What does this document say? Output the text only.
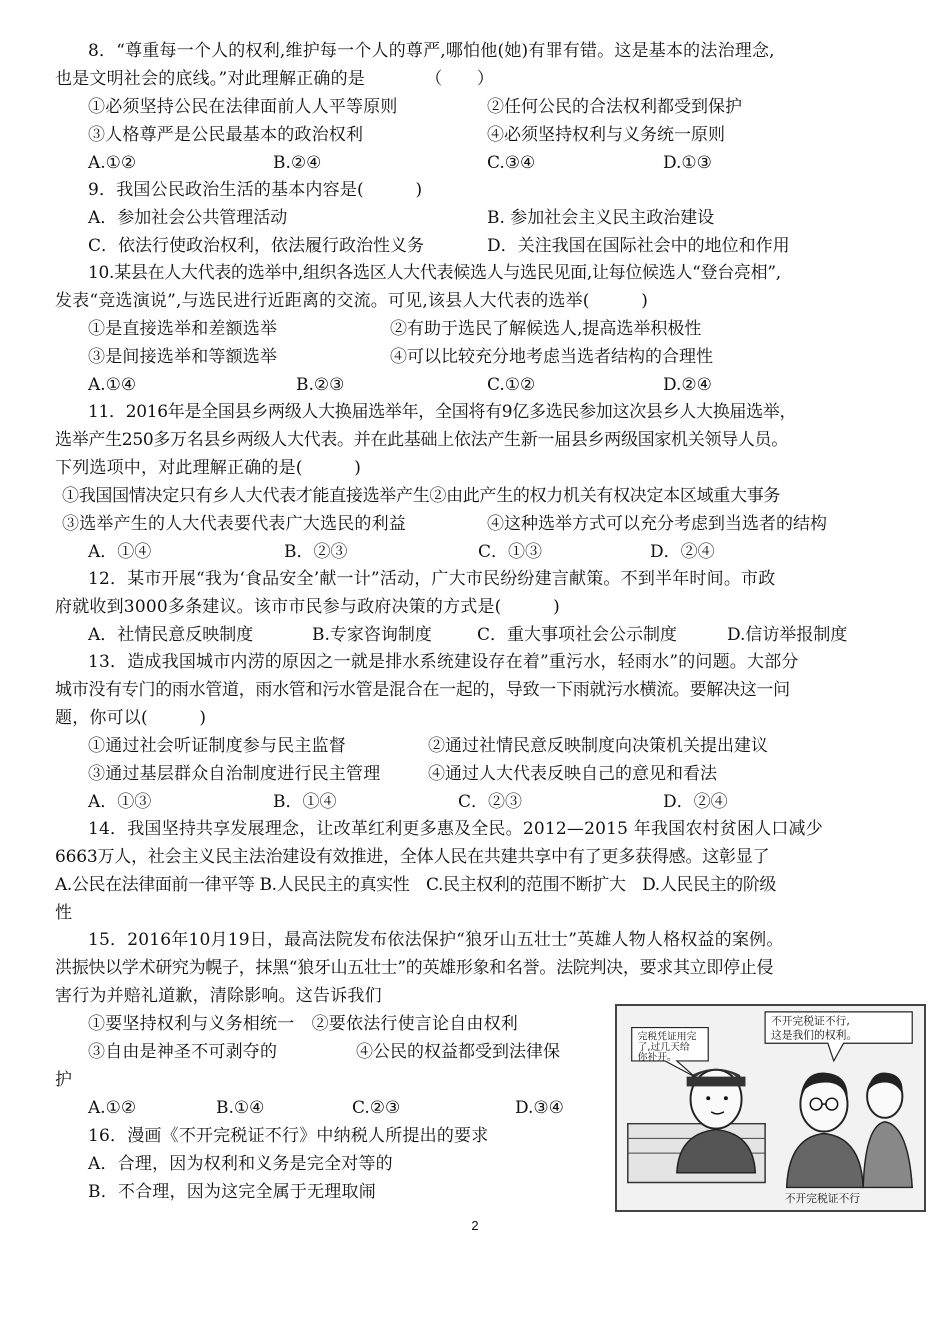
8．“尊重每一个人的权利,维护每一个人的尊严,哪怕他(她)有罪有错。这是基本的法治理念,
也是文明社会的底线。”对此理解正确的是　　　　（　　）
①必须坚持公民在法律面前人人平等原则	②任何公民的合法权利都受到保护
③人格尊严是公民最基本的政治权利	④必须坚持权利与义务统一原则
A.①②	B.②④	C.③④	D.①③
9．我国公民政治生活的基本内容是(　　　)
A．参加社会公共管理活动	B. 参加社会主义民主政治建设
C．依法行使政治权利，依法履行政治性义务	D．关注我国在国际社会中的地位和作用
10.某县在人大代表的选举中,组织各选区人大代表候选人与选民见面,让每位候选人“登台亮相”,
发表“竞选演说”,与选民进行近距离的交流。可见,该县人大代表的选举(　　　)
①是直接选举和差额选举	②有助于选民了解候选人,提高选举积极性
③是间接选举和等额选举	④可以比较充分地考虑当选者结构的合理性
A.①④	B.②③	C.①②	D.②④
11．2016年是全国县乡两级人大换届选举年，全国将有9亿多选民参加这次县乡人大换届选举，
选举产生250多万名县乡两级人大代表。并在此基础上依法产生新一届县乡两级国家机关领导人员。
下列选项中，对此理解正确的是(　　　)
①我国国情决定只有乡人大代表才能直接选举产生②由此产生的权力机关有权决定本区域重大事务
③选举产生的人大代表要代表广大选民的利益	④这种选举方式可以充分考虑到当选者的结构
A．①④	B．②③	C．①③	D．②④
12．某市开展“我为‘食品安全’献一计”活动，广大市民纷纷建言献策。不到半年时间。市政
府就收到3000多条建议。该市市民参与政府决策的方式是(　　　)
A．社情民意反映制度	B.专家咨询制度	C．重大事项社会公示制度	D.信访举报制度
13．造成我国城市内涝的原因之一就是排水系统建设存在着”重污水，轻雨水”的问题。大部分
城市没有专门的雨水管道，雨水管和污水管是混合在一起的，导致一下雨就污水横流。要解决这一问
题，你可以(　　　)
①通过社会听证制度参与民主监督	②通过社情民意反映制度向决策机关提出建议
③通过基层群众自治制度进行民主管理	④通过人大代表反映自己的意见和看法
A．①③	B．①④	C．②③	D．②④
14．我国坚持共享发展理念，让改革红利更多惠及全民。2012—2015 年我国农村贫困人口减少
6663万人，社会主义民主法治建设有效推进，全体人民在共建共享中有了更多获得感。这彰显了
A.公民在法律面前一律平等 B.人民民主的真实性　C.民主权利的范围不断扩大　D.人民民主的阶级
性
15．2016年10月19日，最高法院发布依法保护“狼牙山五壮士”英雄人物人格权益的案例。
洪振快以学术研究为幌子，抹黑“狼牙山五壮士”的英雄形象和名誉。法院判决，要求其立即停止侵
害行为并赔礼道歉，清除影响。这告诉我们
①要坚持权利与义务相统一　②要依法行使言论自由权利
③自由是神圣不可剥夺的	④公民的权益都受到法律保
护
A.①②	B.①④	C.②③	D.③④
16．漫画《不开完税证不行》中纳税人所提出的要求
A．合理，因为权利和义务是完全对等的
B．不合理，因为这完全属于无理取闹
完税凭证用完
了,过几天给
你补开。
不开完税证不行,
这是我们的权利。
不开完税证不行
2
